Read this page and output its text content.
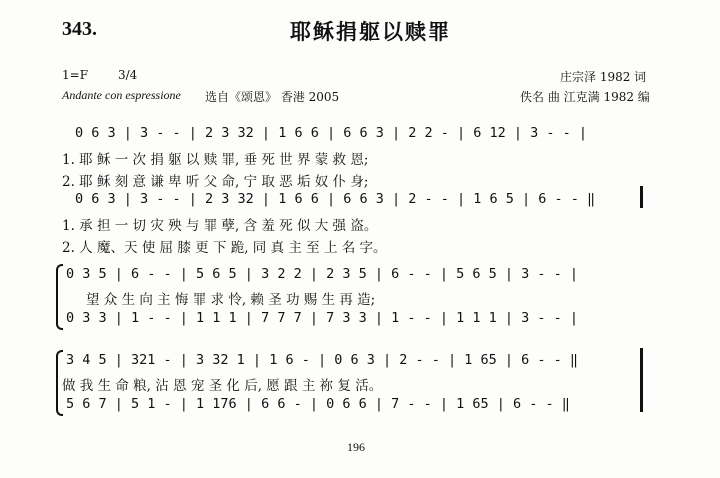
343.	耶稣捐躯以赎罪
1=F 3/4	庄宗泽 1982 词
Andante con espressione 选自《颂恩》 香港 2005	佚名 曲 江克满 1982 编
0 6 3 | 3 - - | 2 3 32 | 1 6 6 | 6 6 3 | 2 2 - | 6 12 | 3 - - |
1. 耶 稣 一 次 捐 躯 以 赎 罪, 垂 死 世 界 蒙 救 恩;
2. 耶 稣 刻 意 谦 卑 听 父 命, 宁 取 恶 垢 奴 仆 身;
0 6 3 | 3 - - | 2 3 32 | 1 6 6 | 6 6 3 | 2 - - | 1 6 5 | 6 - - ‖
1. 承 担 一 切 灾 殃 与 罪 孽, 含 羞 死 似 大 强 盗。
2. 人 魔、天 使 屈 膝 更 下 跪, 同 真 主 至 上 名 字。
0 3 5 | 6 - - | 5 6 5 | 3 2 2 | 2 3 5 | 6 - - | 5 6 5 | 3 - - |
望 众 生 向 主 悔 罪 求 怜, 赖 圣 功 赐 生 再 造;
0 3 3 | 1 - - | 1 1 1 | 7 7 7 | 7 3 3 | 1 - - | 1 1 1 | 3 - - |
3 4 5 | 321 - | 3 32 1 | 1 6 - | 0 6 3 | 2 - - | 1 65 | 6 - - ‖
做 我 生 命 粮, 沾 恩 宠 圣 化 后, 愿 跟 主 祢 复 活。
5 6 7 | 5 1 - | 1 176 | 6 6 - | 0 6 6 | 7 - - | 1 65 | 6 - - ‖
196
